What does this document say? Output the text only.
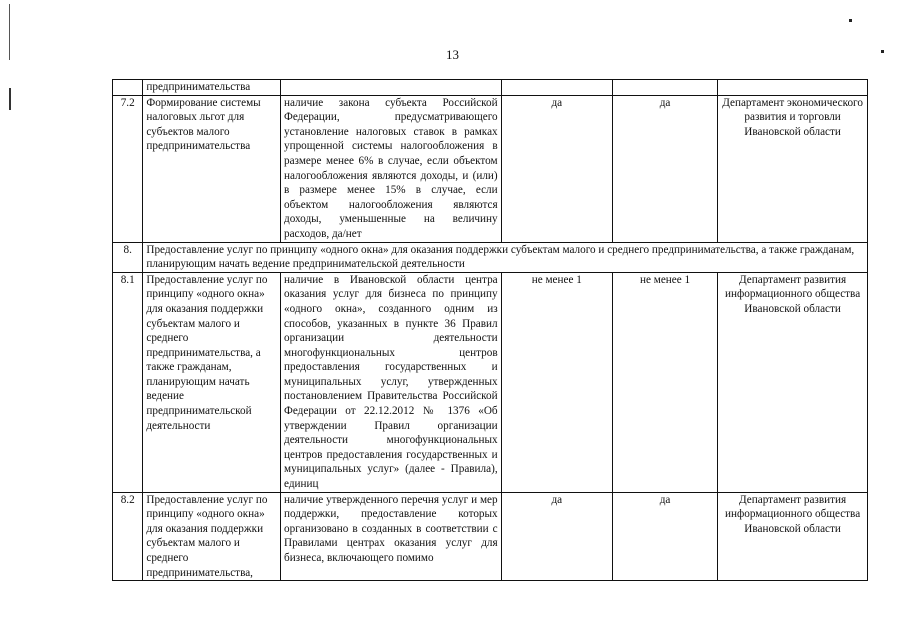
13
	предпринимательства				
7.2	Формирование системы налоговых льгот для субъектов малого предпринимательства	наличие закона субъекта Российской Федерации, предусматривающего установление налоговых ставок в рамках упрощенной системы налогообложения в размере менее 6% в случае, если объектом налогообложения являются доходы, и (или) в размере менее 15% в случае, если объектом налогообложения являются доходы, уменьшенные на величину расходов, да/нет	да	да	Департамент экономического развития и торговли Ивановской области
8.	Предоставление услуг по принципу «одного окна» для оказания поддержки субъектам малого и среднего предпринимательства, а также гражданам, планирующим начать ведение предпринимательской деятельности				
8.1	Предоставление услуг по принципу «одного окна» для оказания поддержки субъектам малого и среднего предпринимательства, а также гражданам, планирующим начать ведение предпринимательской деятельности	наличие в Ивановской области центра оказания услуг для бизнеса по принципу «одного окна», созданного одним из способов, указанных в пункте 36 Правил организации деятельности многофункциональных центров предоставления государственных и муниципальных услуг, утвержденных постановлением Правительства Российской Федерации от 22.12.2012 № 1376 «Об утверждении Правил организации деятельности многофункциональных центров предоставления государственных и муниципальных услуг» (далее - Правила), единиц	не менее 1	не менее 1	Департамент развития информационного общества Ивановской области
8.2	Предоставление услуг по принципу «одного окна» для оказания поддержки субъектам малого и среднего предпринимательства,	наличие утвержденного перечня услуг и мер поддержки, предоставление которых организовано в созданных в соответствии с Правилами центрах оказания услуг для бизнеса, включающего помимо	да	да	Департамент развития информационного общества Ивановской области
